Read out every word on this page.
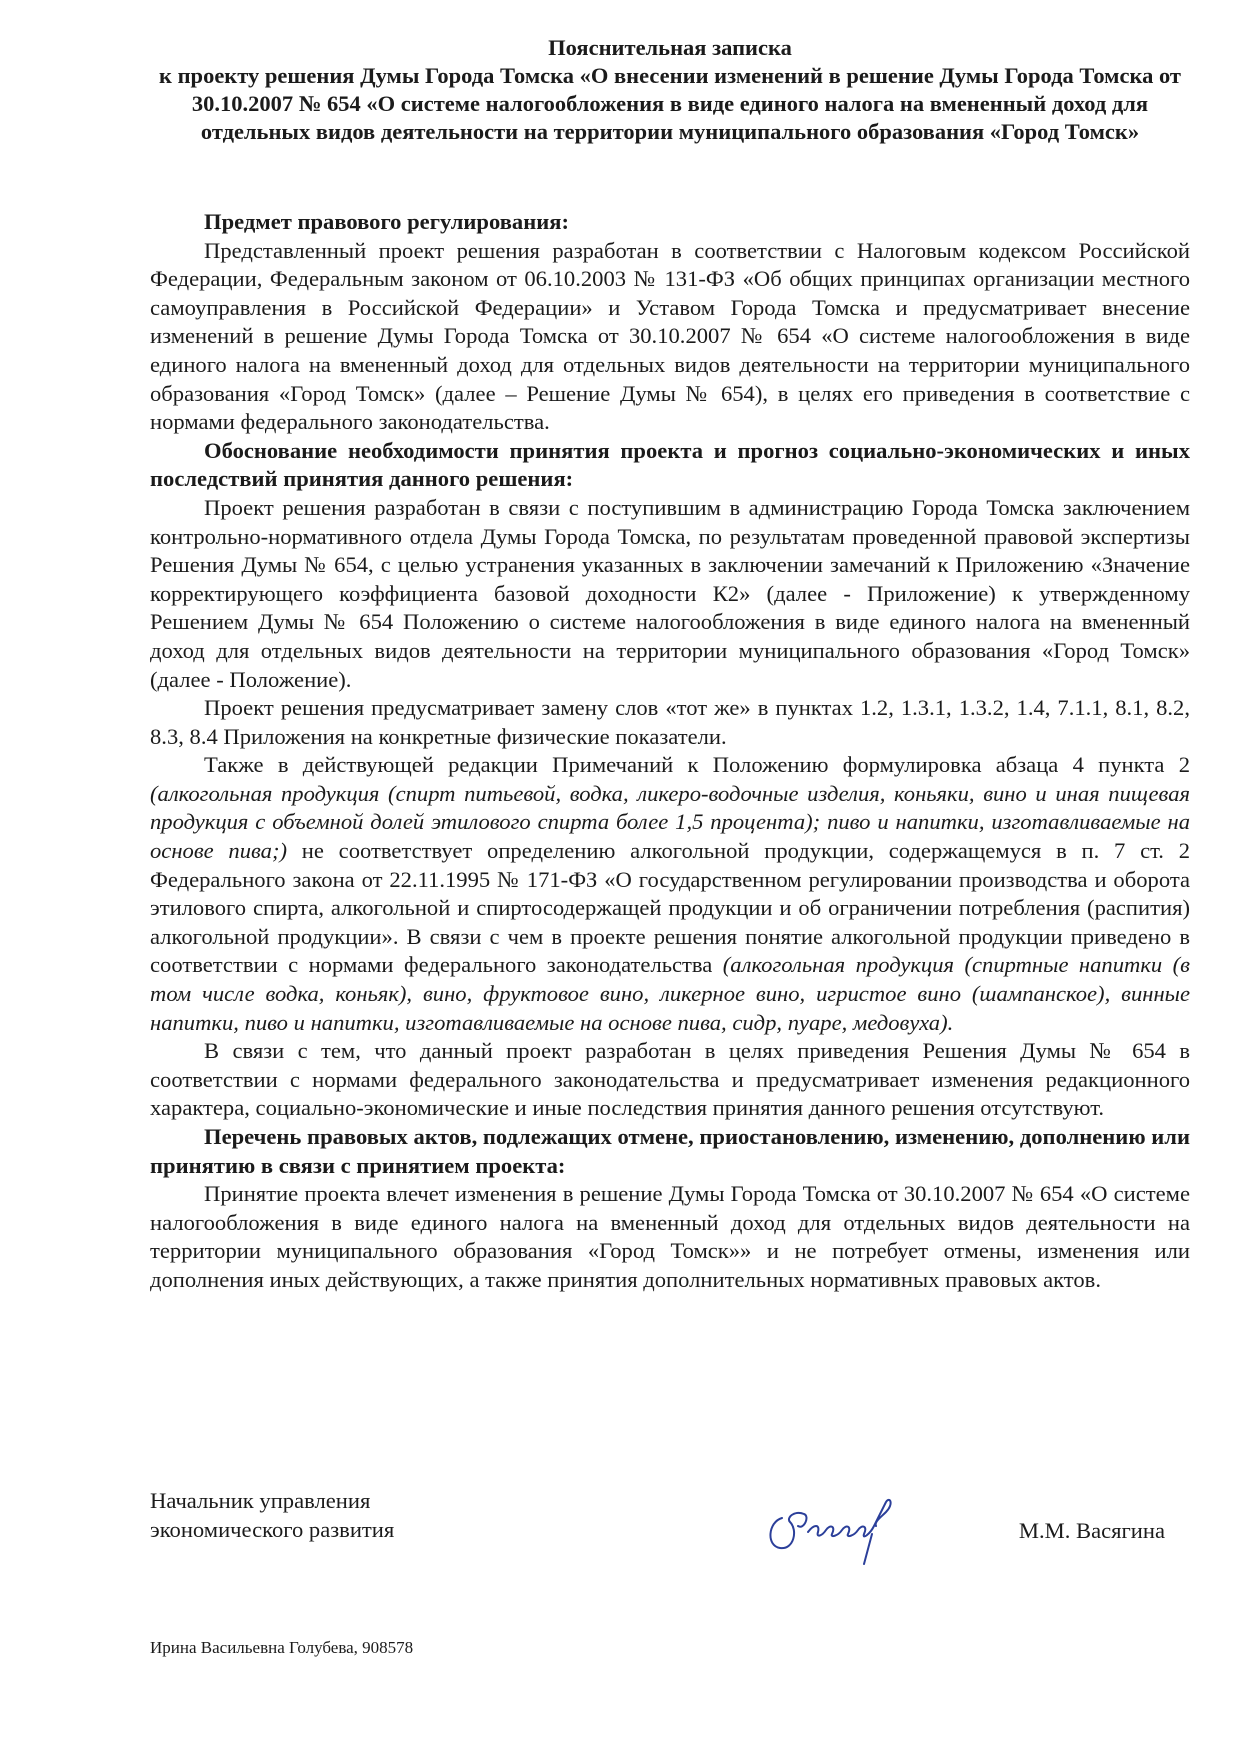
Пояснительная записка
к проекту решения Думы Города Томска «О внесении изменений в решение Думы Города Томска от 30.10.2007 № 654 «О системе налогообложения в виде единого налога на вмененный доход для отдельных видов деятельности на территории муниципального образования «Город Томск»

Предмет правового регулирования:

Представленный проект решения разработан в соответствии с Налоговым кодексом Российской Федерации, Федеральным законом от 06.10.2003 № 131-ФЗ «Об общих принципах организации местного самоуправления в Российской Федерации» и Уставом Города Томска и предусматривает внесение изменений в решение Думы Города Томска от 30.10.2007 № 654 «О системе налогообложения в виде единого налога на вмененный доход для отдельных видов деятельности на территории муниципального образования «Город Томск» (далее – Решение Думы № 654), в целях его приведения в соответствие с нормами федерального законодательства.

Обоснование необходимости принятия проекта и прогноз социально-экономических и иных последствий принятия данного решения:

Проект решения разработан в связи с поступившим в администрацию Города Томска заключением контрольно-нормативного отдела Думы Города Томска, по результатам проведенной правовой экспертизы Решения Думы № 654, с целью устранения указанных в заключении замечаний к Приложению «Значение корректирующего коэффициента базовой доходности К2» (далее - Приложение) к утвержденному Решением Думы № 654 Положению о системе налогообложения в виде единого налога на вмененный доход для отдельных видов деятельности на территории муниципального образования «Город Томск» (далее - Положение).

Проект решения предусматривает замену слов «тот же» в пунктах 1.2, 1.3.1, 1.3.2, 1.4, 7.1.1, 8.1, 8.2, 8.3, 8.4 Приложения на конкретные физические показатели.

Также в действующей редакции Примечаний к Положению формулировка абзаца 4 пункта 2 (алкогольная продукция (спирт питьевой, водка, ликеро-водочные изделия, коньяки, вино и иная пищевая продукция с объемной долей этилового спирта более 1,5 процента); пиво и напитки, изготавливаемые на основе пива;) не соответствует определению алкогольной продукции, содержащемуся в п. 7 ст. 2 Федерального закона от 22.11.1995 № 171-ФЗ «О государственном регулировании производства и оборота этилового спирта, алкогольной и спиртосодержащей продукции и об ограничении потребления (распития) алкогольной продукции». В связи с чем в проекте решения понятие алкогольной продукции приведено в соответствии с нормами федерального законодательства (алкогольная продукция (спиртные напитки (в том числе водка, коньяк), вино, фруктовое вино, ликерное вино, игристое вино (шампанское), винные напитки, пиво и напитки, изготавливаемые на основе пива, сидр, пуаре, медовуха).

В связи с тем, что данный проект разработан в целях приведения Решения Думы № 654 в соответствии с нормами федерального законодательства и предусматривает изменения редакционного характера, социально-экономические и иные последствия принятия данного решения отсутствуют.

Перечень правовых актов, подлежащих отмене, приостановлению, изменению, дополнению или принятию в связи с принятием проекта:

Принятие проекта влечет изменения в решение Думы Города Томска от 30.10.2007 № 654 «О системе налогообложения в виде единого налога на вмененный доход для отдельных видов деятельности на территории муниципального образования «Город Томск»» и не потребует отмены, изменения или дополнения иных действующих, а также принятия дополнительных нормативных правовых актов.

Начальник управления
экономического развития	М.М. Васягина
Ирина Васильевна Голубева, 908578
